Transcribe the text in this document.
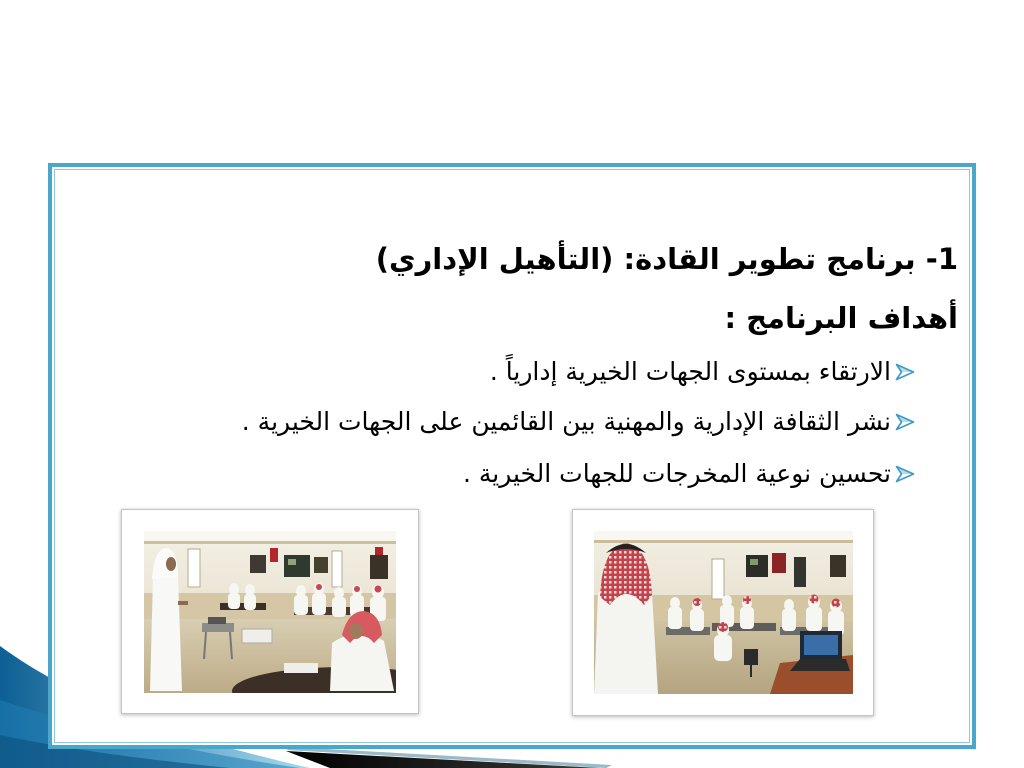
1- برنامج تطوير القادة: (التأهيل الإداري)
أهداف البرنامج :
الارتقاء بمستوى الجهات الخيرية إدارياً .
نشر الثقافة الإدارية والمهنية بين القائمين على الجهات الخيرية .
تحسين نوعية المخرجات للجهات الخيرية .
